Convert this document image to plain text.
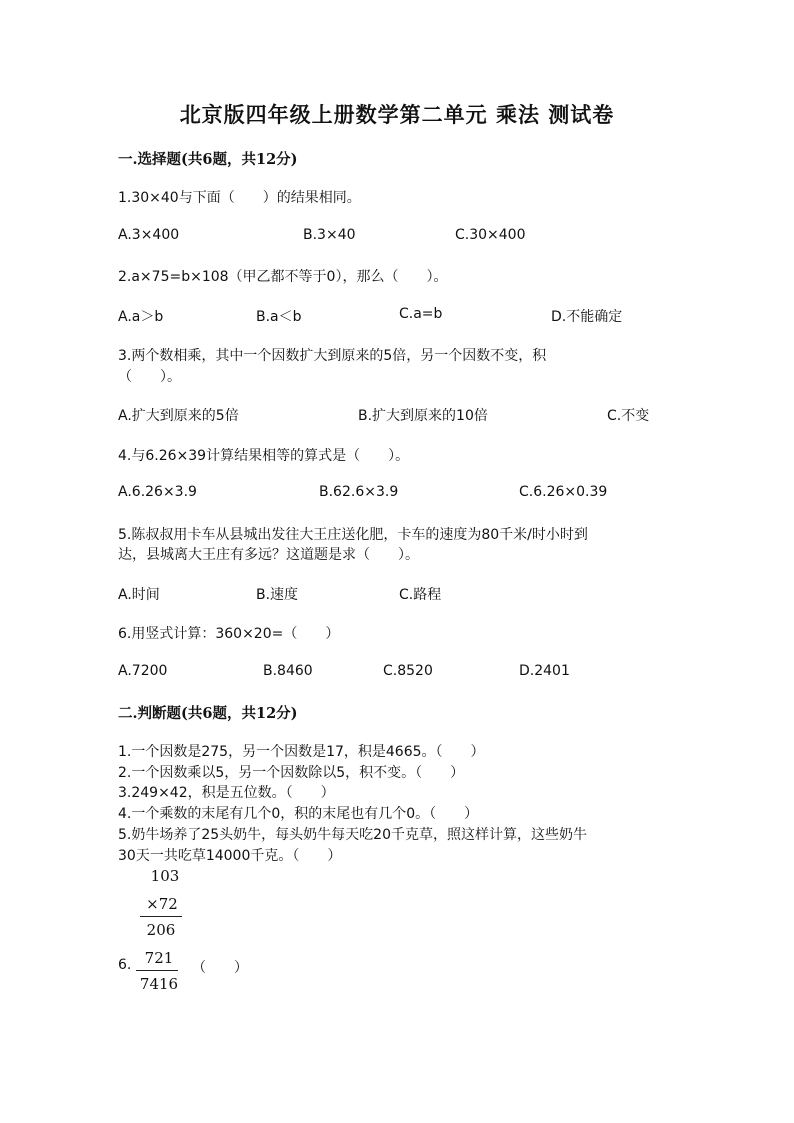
北京版四年级上册数学第二单元 乘法 测试卷
一.选择题(共6题，共12分)
1.30×40与下面（　　）的结果相同。
A.3×400	B.3×40	C.30×400
2.a×75=b×108（甲乙都不等于0），那么（　　）。
A.a＞b	B.a＜b	C.a=b	D.不能确定
3.两个数相乘，其中一个因数扩大到原来的5倍，另一个因数不变，积
（　　）。
A.扩大到原来的5倍	B.扩大到原来的10倍	C.不变
4.与6.26×39计算结果相等的算式是（　　）。
A.6.26×3.9	B.62.6×3.9	C.6.26×0.39
5.陈叔叔用卡车从县城出发往大王庄送化肥，卡车的速度为80千米/时小时到
达，县城离大王庄有多远？这道题是求（　　）。
A.时间	B.速度	C.路程
6.用竖式计算：360×20=（　　）
A.7200	B.8460	C.8520	D.2401
二.判断题(共6题，共12分)
1.一个因数是275，另一个因数是17，积是4665。（　　）
2.一个因数乘以5，另一个因数除以5，积不变。（　　）
3.249×42，积是五位数。（　　）
4.一个乘数的末尾有几个0，积的末尾也有几个0。（　　）
5.奶牛场养了25头奶牛，每头奶牛每天吃20千克草，照这样计算，这些奶牛
30天一共吃草14000千克。（　　）
103
×72
206
6. 721
7416
（　　）
